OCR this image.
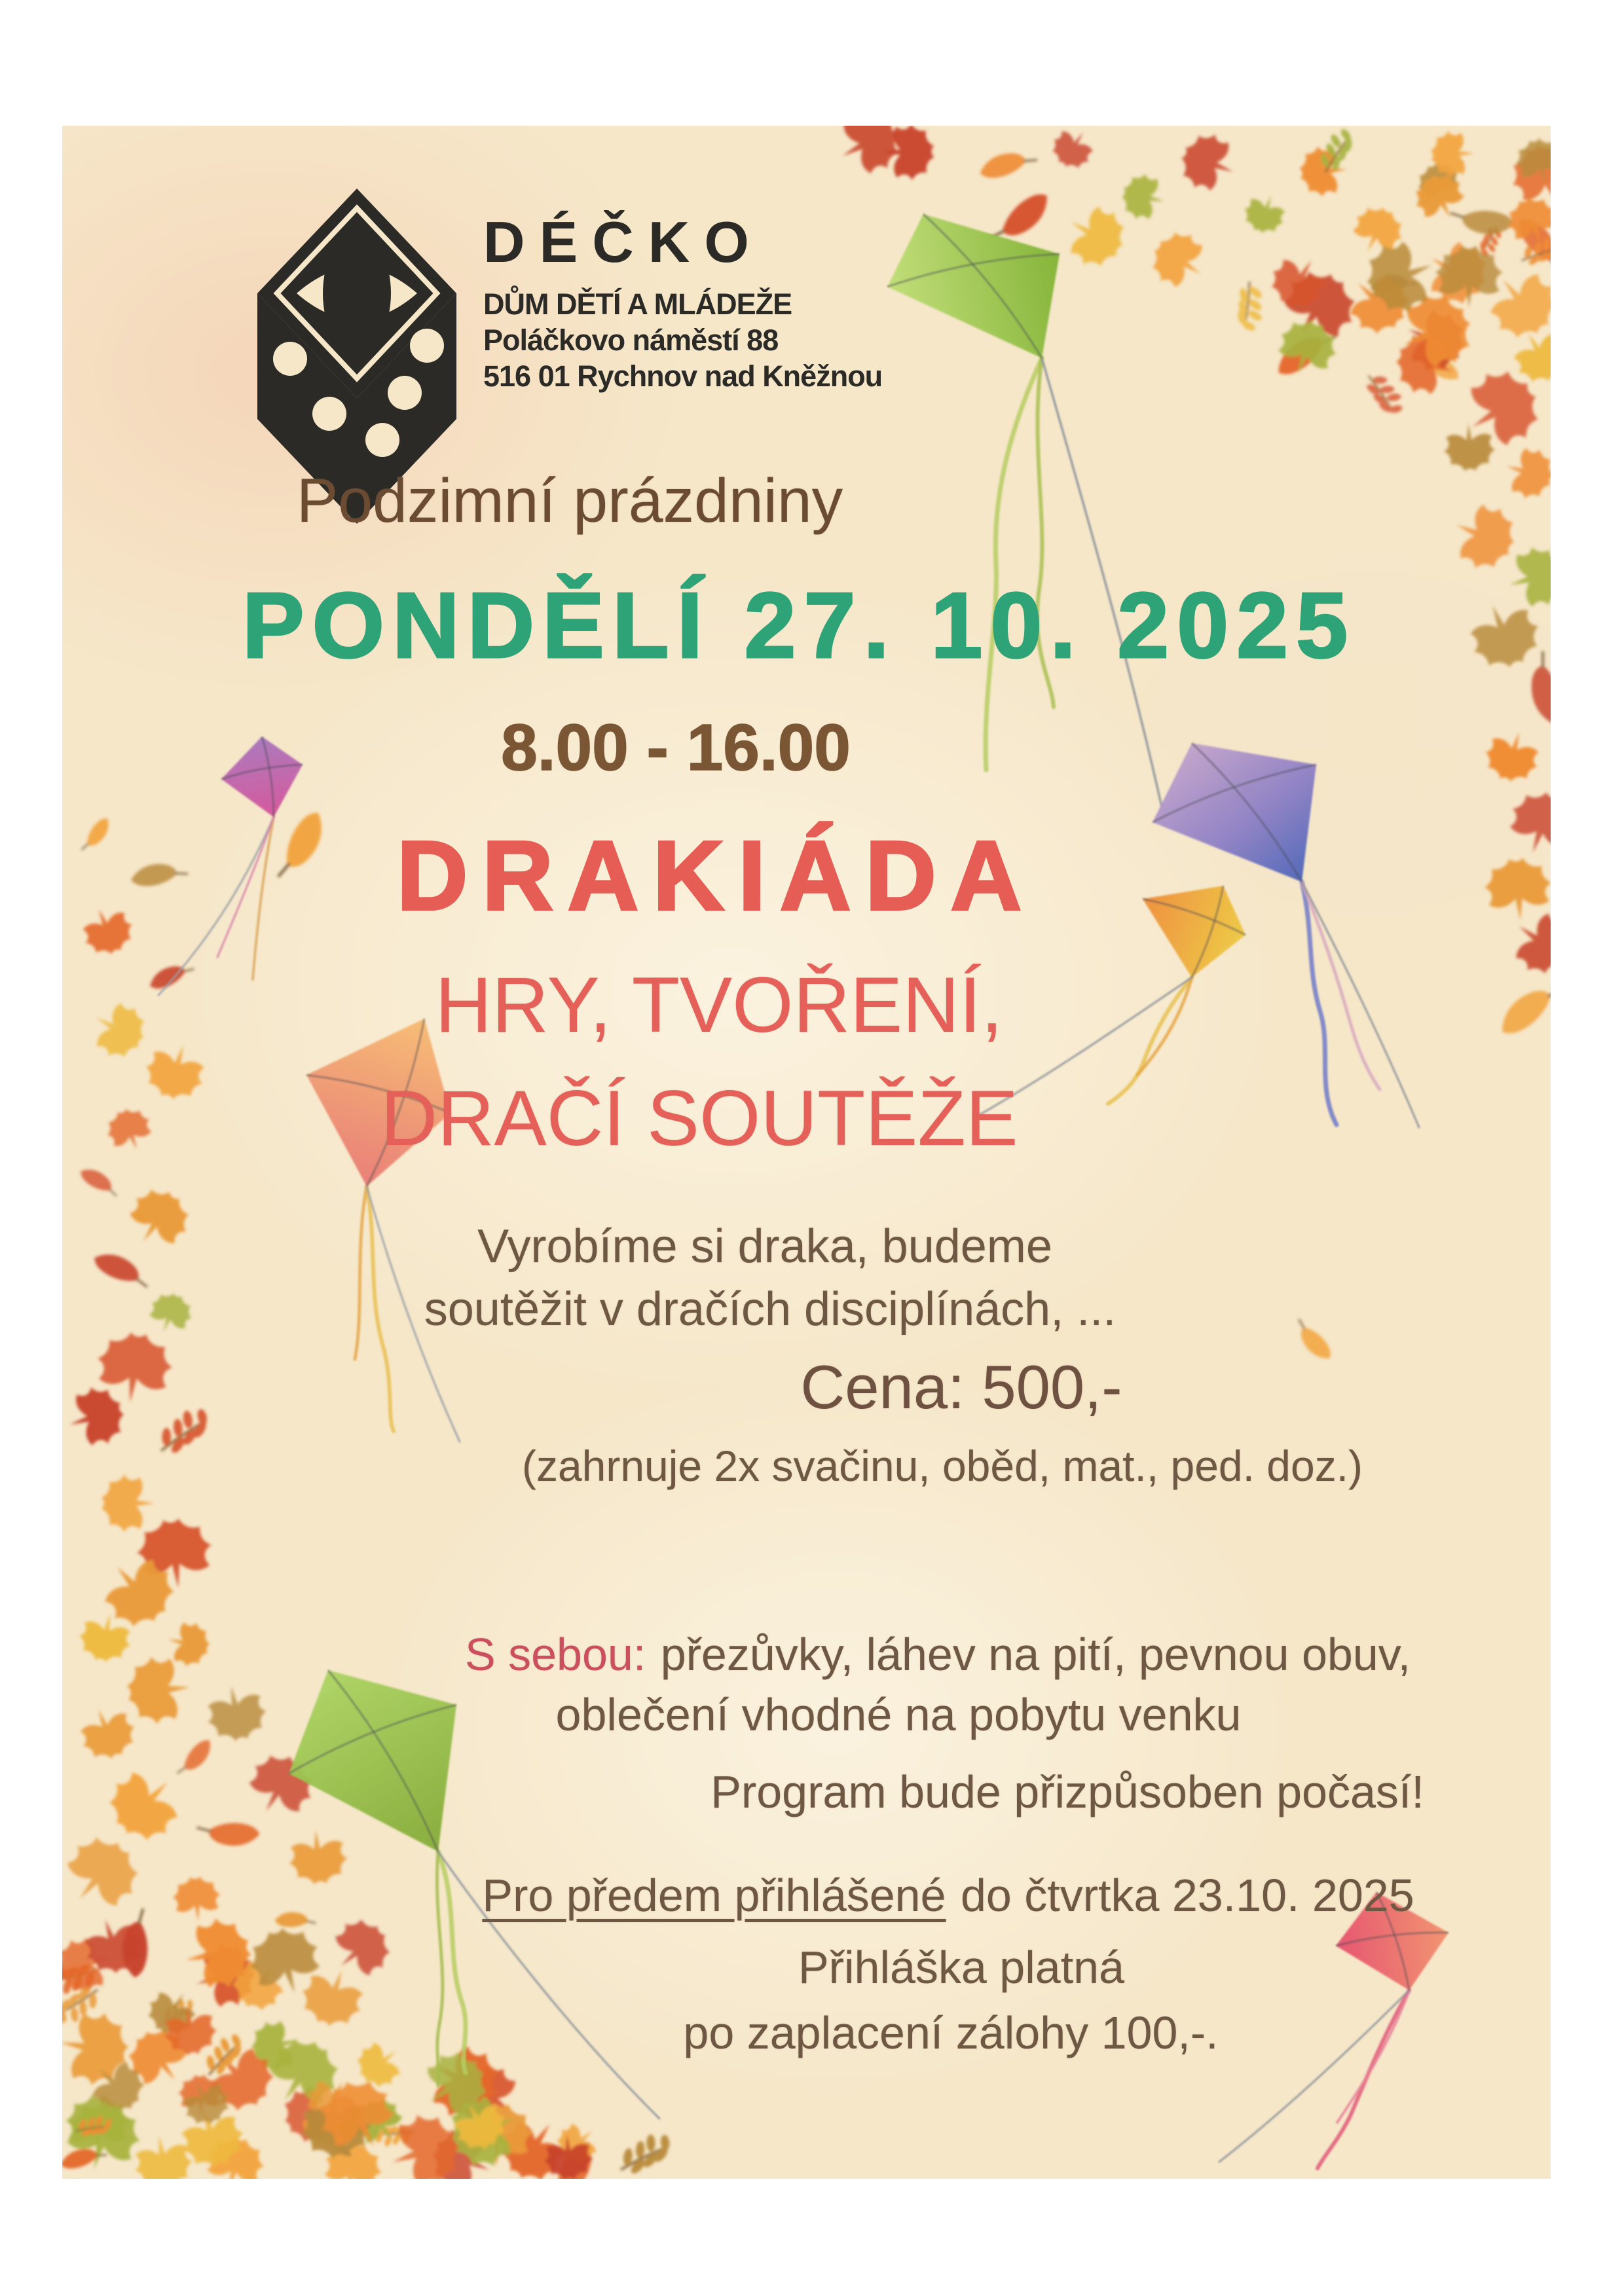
DÉČKO
DŮM DĚTÍ A MLÁDEŽE
Poláčkovo náměstí 88
516 01 Rychnov nad Kněžnou
Podzimní prázdniny
PONDĚLÍ 27. 10. 2025
8.00 - 16.00
DRAKIÁDA
HRY, TVOŘENÍ,
DRAČÍ SOUTĚŽE
Vyrobíme si draka, budeme
soutěžit v dračích disciplínách, ...
Cena: 500,-
(zahrnuje 2x svačinu, oběd, mat., ped. doz.)
S sebou: přezůvky, láhev na pití, pevnou obuv,
oblečení vhodné na pobytu venku
Program bude přizpůsoben počasí!
Pro předem přihlášené do čtvrtka 23.10. 2025
Přihláška platná
po zaplacení zálohy 100,-.
